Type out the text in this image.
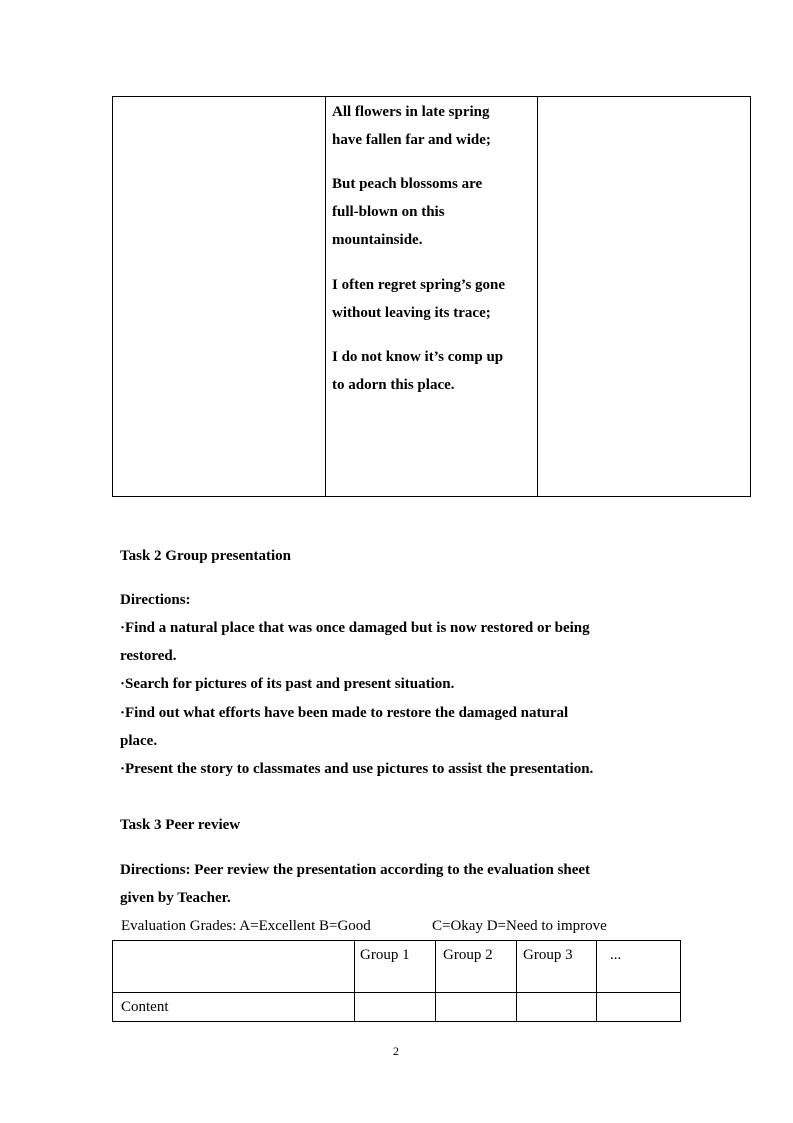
All flowers in late spring
have fallen far and wide;
But peach blossoms are
full-blown on this
mountainside.
I often regret spring’s gone
without leaving its trace;
I do not know it’s comp up
to adorn this place.
Task 2 Group presentation
Directions:
·Find a natural place that was once damaged but is now restored or being
restored.
·Search for pictures of its past and present situation.
·Find out what efforts have been made to restore the damaged natural
place.
·Present the story to classmates and use pictures to assist the presentation.
Task 3 Peer review
Directions: Peer review the presentation according to the evaluation sheet
given by Teacher.
Evaluation Grades: A=Excellent B=Good	C=Okay D=Need to improve
Group 1 Group 2 Group 3 ...
Content
2
